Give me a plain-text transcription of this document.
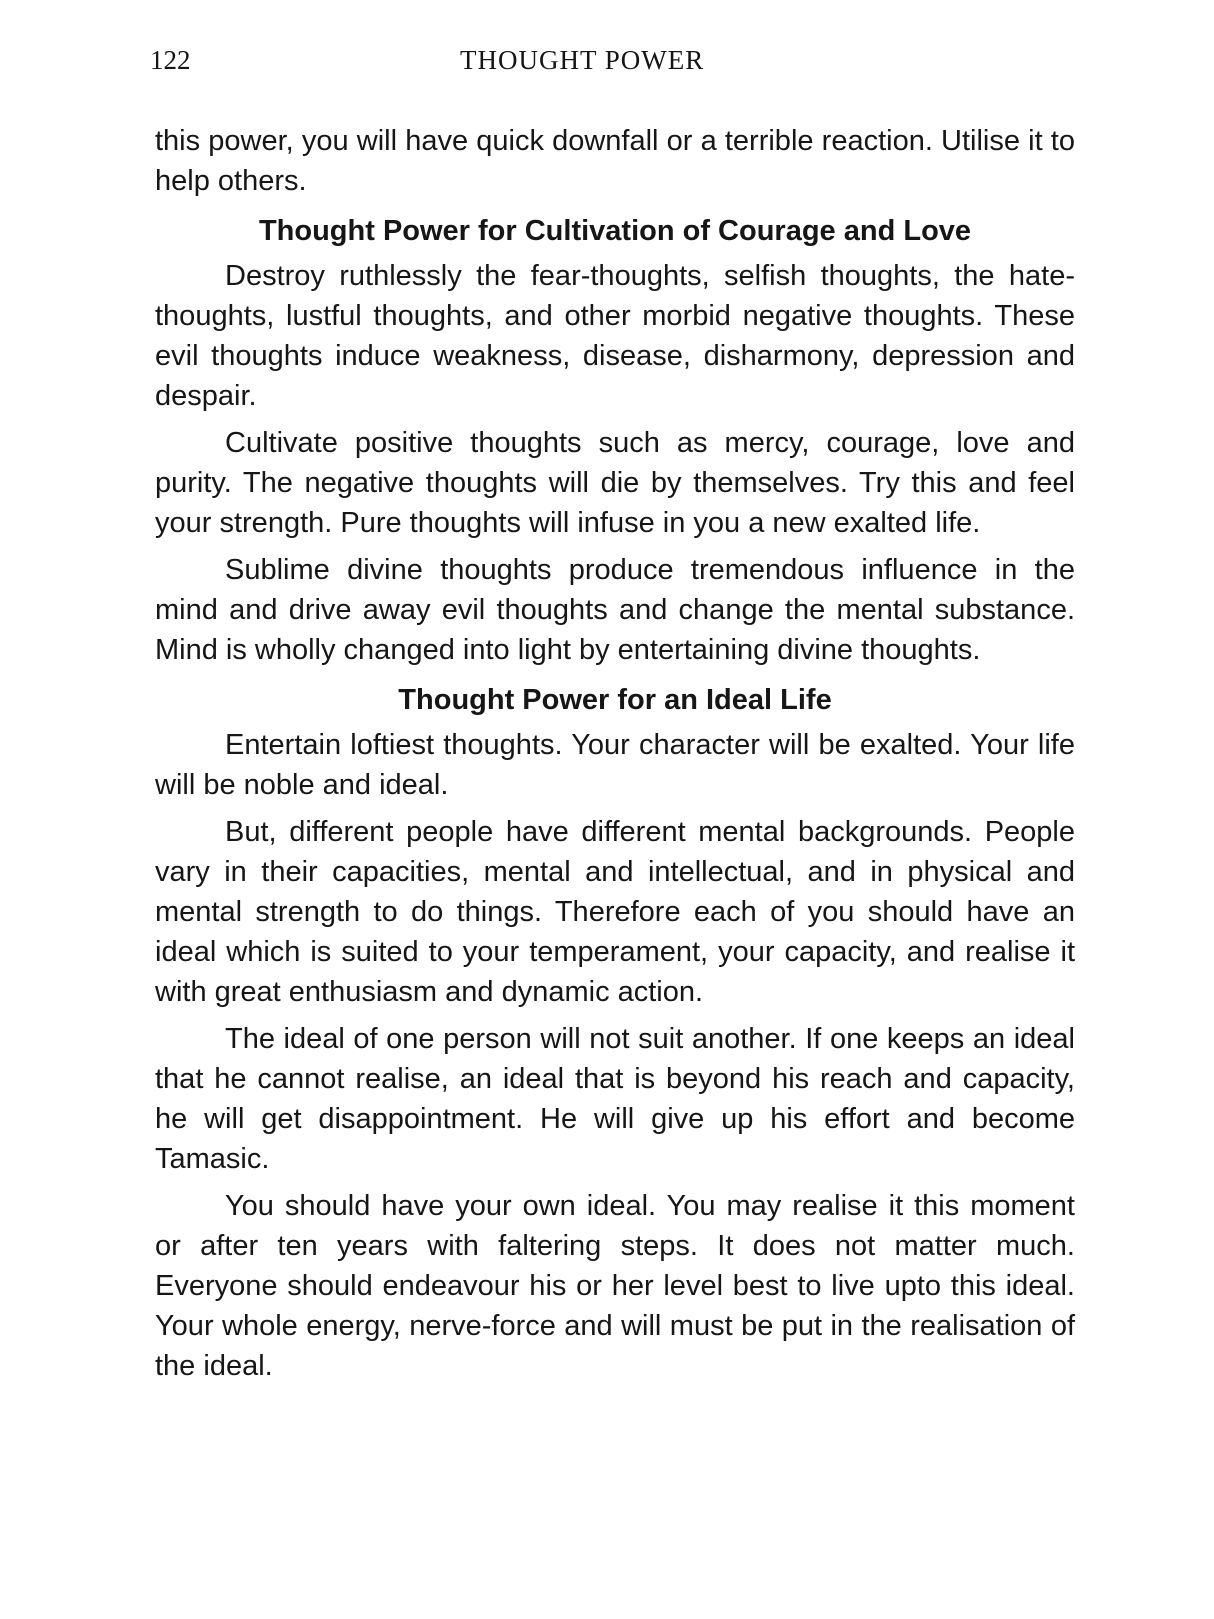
122	THOUGHT POWER

this power, you will have quick downfall or a terrible reaction. Utilise it to help others.

Thought Power for Cultivation of Courage and Love

Destroy ruthlessly the fear-thoughts, selfish thoughts, the hate-thoughts, lustful thoughts, and other morbid negative thoughts. These evil thoughts induce weakness, disease, disharmony, depression and despair.

Cultivate positive thoughts such as mercy, courage, love and purity. The negative thoughts will die by themselves. Try this and feel your strength. Pure thoughts will infuse in you a new exalted life.

Sublime divine thoughts produce tremendous influence in the mind and drive away evil thoughts and change the mental substance. Mind is wholly changed into light by entertaining divine thoughts.

Thought Power for an Ideal Life

Entertain loftiest thoughts. Your character will be exalted. Your life will be noble and ideal.

But, different people have different mental backgrounds. People vary in their capacities, mental and intellectual, and in physical and mental strength to do things. Therefore each of you should have an ideal which is suited to your temperament, your capacity, and realise it with great enthusiasm and dynamic action.

The ideal of one person will not suit another. If one keeps an ideal that he cannot realise, an ideal that is beyond his reach and capacity, he will get disappointment. He will give up his effort and become Tamasic.

You should have your own ideal. You may realise it this moment or after ten years with faltering steps. It does not matter much. Everyone should endeavour his or her level best to live upto this ideal. Your whole energy, nerve-force and will must be put in the realisation of the ideal.
